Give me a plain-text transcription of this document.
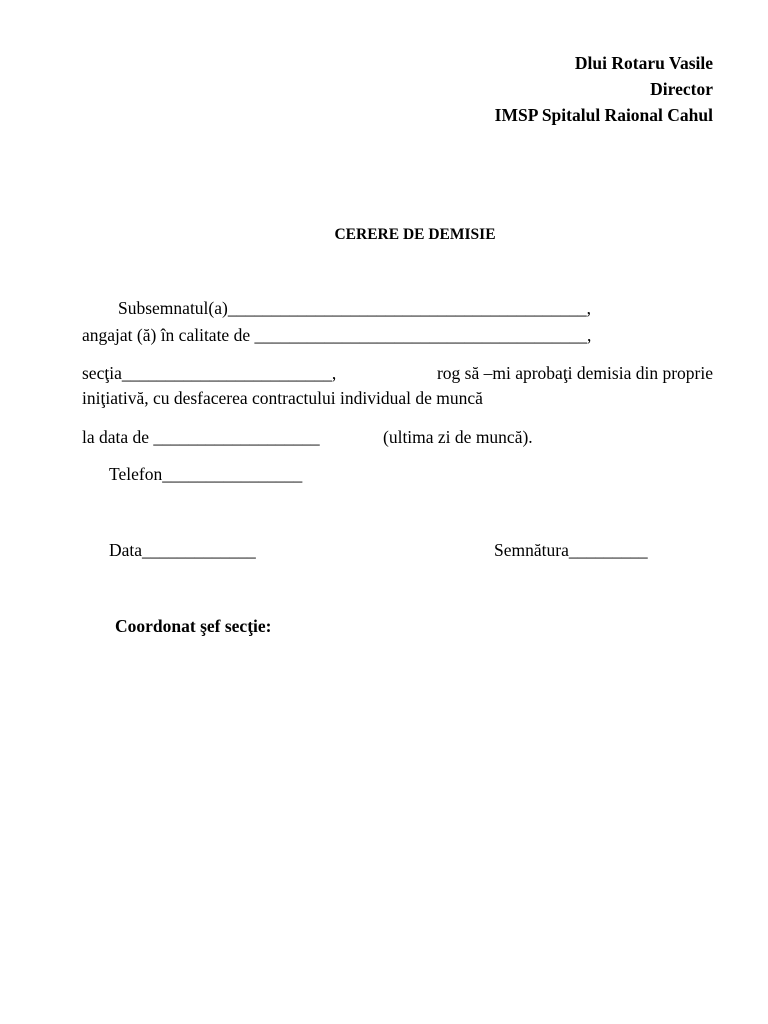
Dlui Rotaru Vasile
Director
IMSP Spitalul Raional Cahul
CERERE DE DEMISIE
Subsemnatul(a)_________________________________________,
angajat (ă) în calitate de ______________________________________,
secţia________________________,	rog să –mi aprobaţi demisia din proprie
iniţiativă, cu desfacerea contractului individual de muncă
la data de ___________________	(ultima zi de muncă).
Telefon________________
Data_____________	Semnătura_________
Coordonat şef secţie:
